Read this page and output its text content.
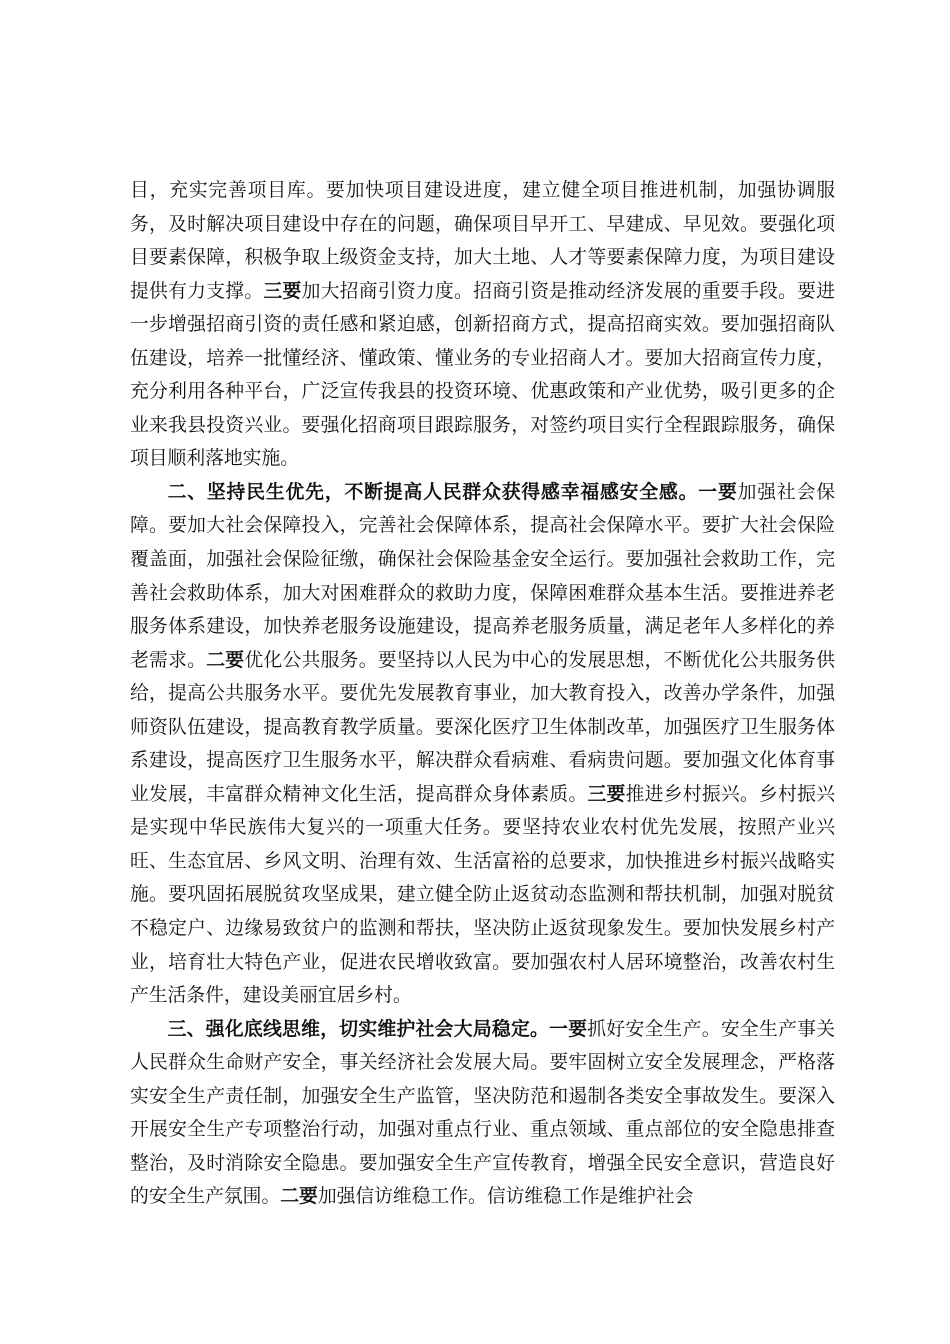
目，充实完善项目库。要加快项目建设进度，建立健全项目推进机制，加强协调服务，及时解决项目建设中存在的问题，确保项目早开工、早建成、早见效。要强化项目要素保障，积极争取上级资金支持，加大土地、人才等要素保障力度，为项目建设提供有力支撑。三要加大招商引资力度。招商引资是推动经济发展的重要手段。要进一步增强招商引资的责任感和紧迫感，创新招商方式，提高招商实效。要加强招商队伍建设，培养一批懂经济、懂政策、懂业务的专业招商人才。要加大招商宣传力度，充分利用各种平台，广泛宣传我县的投资环境、优惠政策和产业优势，吸引更多的企业来我县投资兴业。要强化招商项目跟踪服务，对签约项目实行全程跟踪服务，确保项目顺利落地实施。

二、坚持民生优先，不断提高人民群众获得感幸福感安全感。一要加强社会保障。要加大社会保障投入，完善社会保障体系，提高社会保障水平。要扩大社会保险覆盖面，加强社会保险征缴，确保社会保险基金安全运行。要加强社会救助工作，完善社会救助体系，加大对困难群众的救助力度，保障困难群众基本生活。要推进养老服务体系建设，加快养老服务设施建设，提高养老服务质量，满足老年人多样化的养老需求。二要优化公共服务。要坚持以人民为中心的发展思想，不断优化公共服务供给，提高公共服务水平。要优先发展教育事业，加大教育投入，改善办学条件，加强师资队伍建设，提高教育教学质量。要深化医疗卫生体制改革，加强医疗卫生服务体系建设，提高医疗卫生服务水平，解决群众看病难、看病贵问题。要加强文化体育事业发展，丰富群众精神文化生活，提高群众身体素质。三要推进乡村振兴。乡村振兴是实现中华民族伟大复兴的一项重大任务。要坚持农业农村优先发展，按照产业兴旺、生态宜居、乡风文明、治理有效、生活富裕的总要求，加快推进乡村振兴战略实施。要巩固拓展脱贫攻坚成果，建立健全防止返贫动态监测和帮扶机制，加强对脱贫不稳定户、边缘易致贫户的监测和帮扶，坚决防止返贫现象发生。要加快发展乡村产业，培育壮大特色产业，促进农民增收致富。要加强农村人居环境整治，改善农村生产生活条件，建设美丽宜居乡村。

三、强化底线思维，切实维护社会大局稳定。一要抓好安全生产。安全生产事关人民群众生命财产安全，事关经济社会发展大局。要牢固树立安全发展理念，严格落实安全生产责任制，加强安全生产监管，坚决防范和遏制各类安全事故发生。要深入开展安全生产专项整治行动，加强对重点行业、重点领域、重点部位的安全隐患排查整治，及时消除安全隐患。要加强安全生产宣传教育，增强全民安全意识，营造良好的安全生产氛围。二要加强信访维稳工作。信访维稳工作是维护社会
